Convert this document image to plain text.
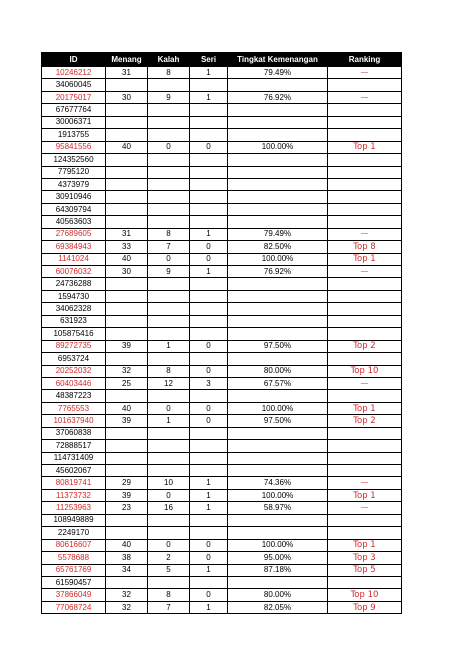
ID	Menang	Kalah	Seri	Tingkat Kemenangan	Ranking
10246212	31	8	1	79.49%	—
34060045					
20175017	30	9	1	76.92%	—
67677764					
30006371					
1913755					
95841556	40	0	0	100.00%	Top 1
124352560					
7795120					
4373979					
30910946					
64309794					
40563603					
27689605	31	8	1	79.49%	—
69384943	33	7	0	82.50%	Top 8
1141024	40	0	0	100.00%	Top 1
60076032	30	9	1	76.92%	—
24736288					
1594730					
34062328					
631923					
105875416					
89272735	39	1	0	97.50%	Top 2
6953724					
20252032	32	8	0	80.00%	Top 10
60403446	25	12	3	67.57%	—
48387223					
7765553	40	0	0	100.00%	Top 1
101637940	39	1	0	97.50%	Top 2
37060838					
72888517					
114731409					
45602067					
80819741	29	10	1	74.36%	—
11373732	39	0	1	100.00%	Top 1
11253963	23	16	1	58.97%	—
108949889					
2249170					
80616607	40	0	0	100.00%	Top 1
5578688	38	2	0	95.00%	Top 3
65761769	34	5	1	87.18%	Top 5
61590457					
37866049	32	8	0	80.00%	Top 10
77068724	32	7	1	82.05%	Top 9
